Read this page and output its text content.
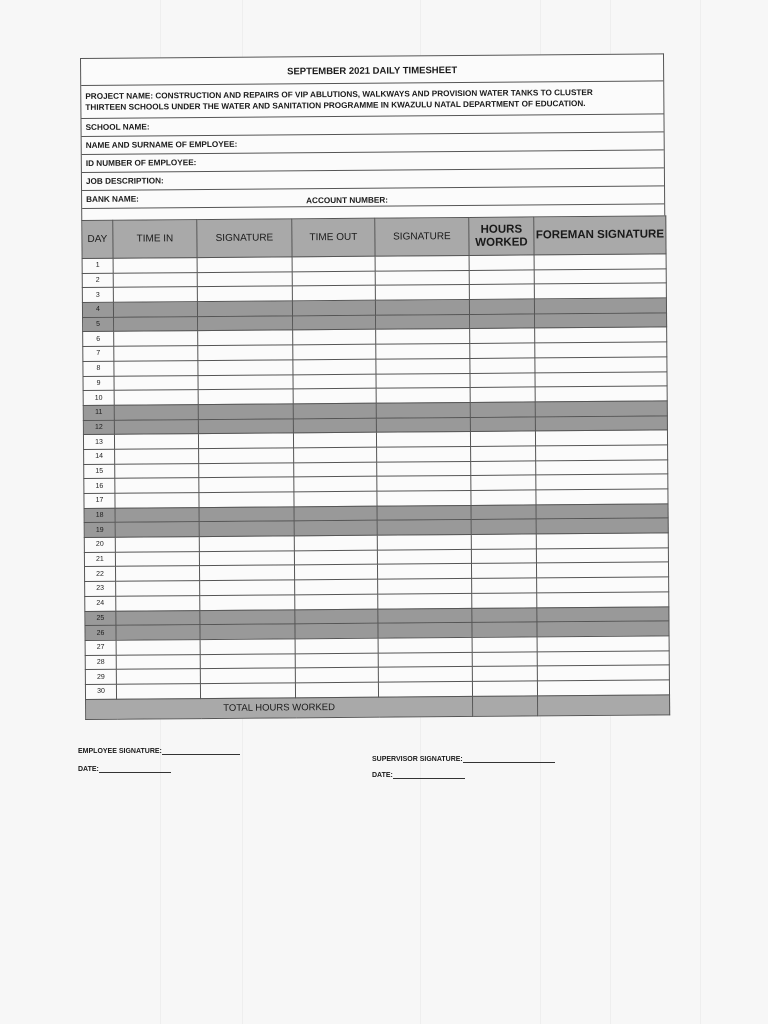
SEPTEMBER 2021 DAILY TIMESHEET
PROJECT NAME: CONSTRUCTION AND REPAIRS OF VIP ABLUTIONS, WALKWAYS AND PROVISION WATER TANKS TO CLUSTER
THIRTEEN SCHOOLS UNDER THE WATER AND SANITATION PROGRAMME IN KWAZULU NATAL DEPARTMENT OF EDUCATION.
SCHOOL NAME:
NAME AND SURNAME OF EMPLOYEE:
ID NUMBER OF EMPLOYEE:
JOB DESCRIPTION:
BANK NAME:	ACCOUNT NUMBER:
DAY	TIME IN	SIGNATURE	TIME OUT	SIGNATURE	HOURS WORKED	FOREMAN SIGNATURE
1						
2						
3						
4						
5						
6						
7						
8						
9						
10						
11						
12						
13						
14						
15						
16						
17						
18						
19						
20						
21						
22						
23						
24						
25						
26						
27						
28						
29						
30						
TOTAL HOURS WORKED						
EMPLOYEE SIGNATURE:
DATE:
SUPERVISOR SIGNATURE:
DATE:
